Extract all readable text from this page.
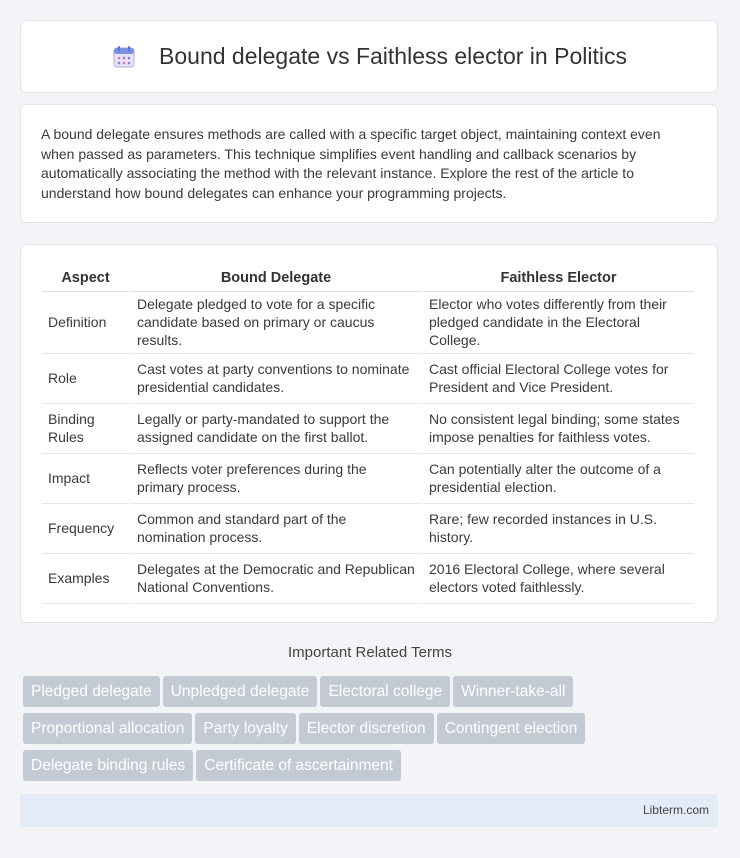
Bound delegate vs Faithless elector in Politics

A bound delegate ensures methods are called with a specific target object, maintaining context even when passed as parameters. This technique simplifies event handling and callback scenarios by automatically associating the method with the relevant instance. Explore the rest of the article to understand how bound delegates can enhance your programming projects.

Aspect	Bound Delegate	Faithless Elector
Definition	Delegate pledged to vote for a specific candidate based on primary or caucus results.	Elector who votes differently from their pledged candidate in the Electoral College.
Role	Cast votes at party conventions to nominate presidential candidates.	Cast official Electoral College votes for President and Vice President.
Binding Rules	Legally or party-mandated to support the assigned candidate on the first ballot.	No consistent legal binding; some states impose penalties for faithless votes.
Impact	Reflects voter preferences during the primary process.	Can potentially alter the outcome of a presidential election.
Frequency	Common and standard part of the nomination process.	Rare; few recorded instances in U.S. history.
Examples	Delegates at the Democratic and Republican National Conventions.	2016 Electoral College, where several electors voted faithlessly.
Important Related Terms
Pledged delegate Unpledged delegate Electoral college Winner-take-all
Proportional allocation Party loyalty Elector discretion Contingent election
Delegate binding rules Certificate of ascertainment
Libterm.com
